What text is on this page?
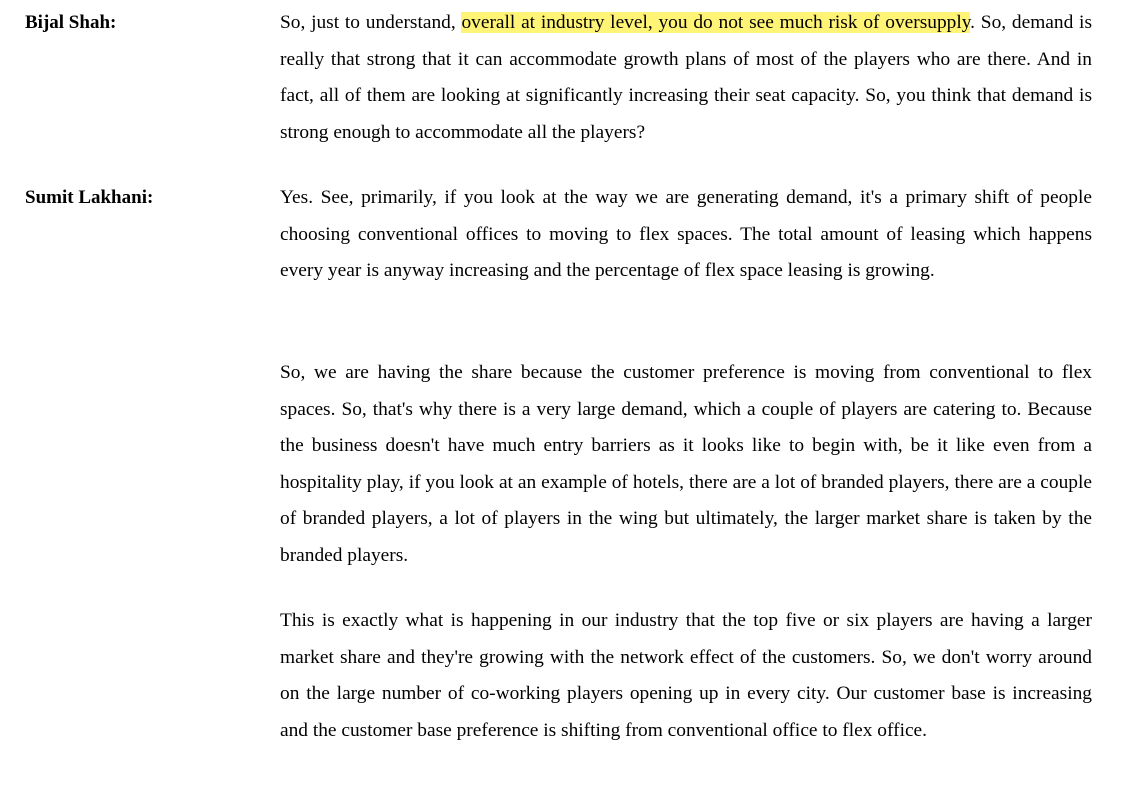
Bijal Shah:	So, just to understand, overall at industry level, you do not see much risk of oversupply. So, demand is really that strong that it can accommodate growth plans of most of the players who are there. And in fact, all of them are looking at significantly increasing their seat capacity. So, you think that demand is strong enough to accommodate all the players?

Sumit Lakhani:	Yes. See, primarily, if you look at the way we are generating demand, it's a primary shift of people choosing conventional offices to moving to flex spaces. The total amount of leasing which happens every year is anyway increasing and the percentage of flex space leasing is growing.

So, we are having the share because the customer preference is moving from conventional to flex spaces. So, that's why there is a very large demand, which a couple of players are catering to. Because the business doesn't have much entry barriers as it looks like to begin with, be it like even from a hospitality play, if you look at an example of hotels, there are a lot of branded players, there are a couple of branded players, a lot of players in the wing but ultimately, the larger market share is taken by the branded players.

This is exactly what is happening in our industry that the top five or six players are having a larger market share and they're growing with the network effect of the customers. So, we don't worry around on the large number of co-working players opening up in every city. Our customer base is increasing and the customer base preference is shifting from conventional office to flex office.
